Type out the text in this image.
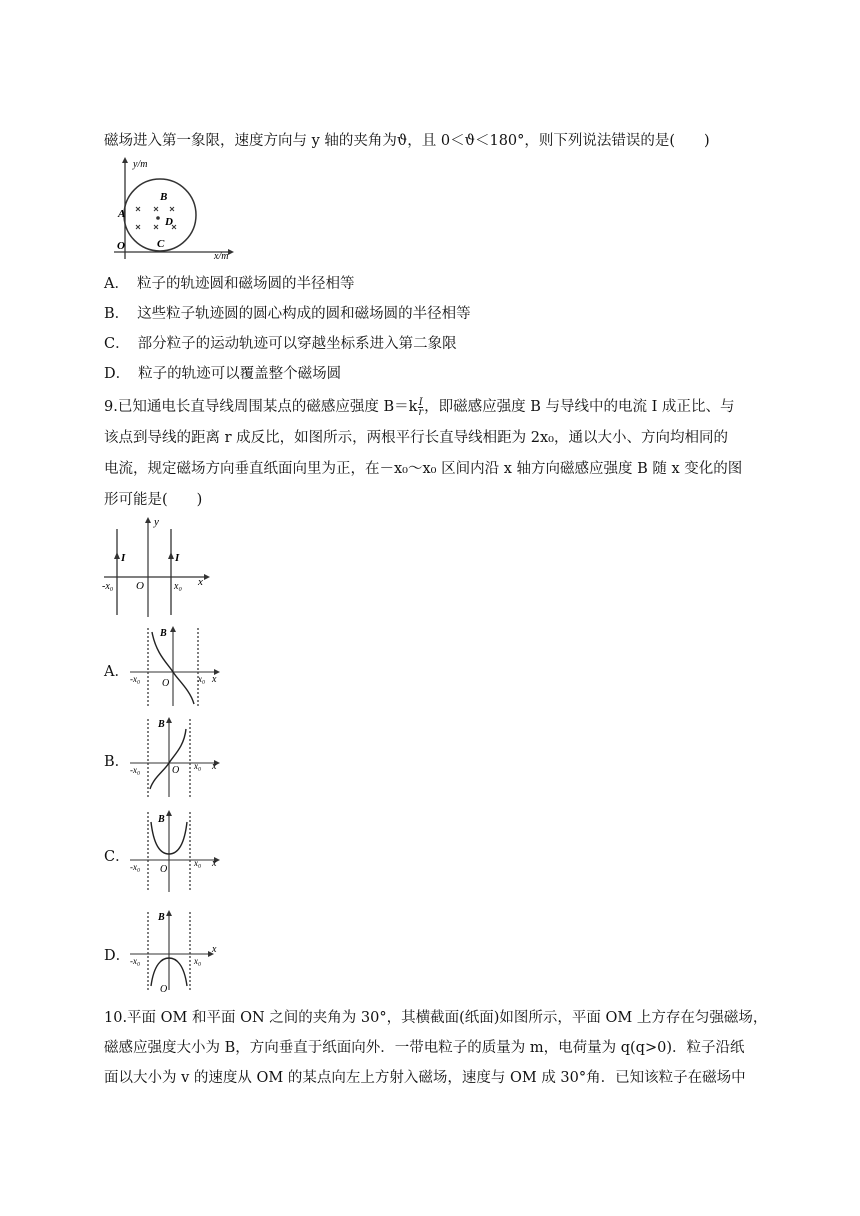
磁场进入第一象限，速度方向与 y 轴的夹角为ϑ，且 0＜ϑ＜180°，则下列说法错误的是(　　)
y/m
x/m
A
B
C
D
O
A． 粒子的轨迹圆和磁场圆的半径相等
B． 这些粒子轨迹圆的圆心构成的圆和磁场圆的半径相等
C． 部分粒子的运动轨迹可以穿越坐标系进入第二象限
D． 粒子的轨迹可以覆盖整个磁场圆
9.已知通电长直导线周围某点的磁感应强度 $B=k \frac{I}{r}$ ，即磁感应强度 B 与导线中的电流 I 成正比、与
该点到导线的距离 r 成反比，如图所示，两根平行长直导线相距为 2x₀，通以大小、方向均相同的
电流，规定磁场方向垂直纸面向里为正，在－x₀～x₀ 区间内沿 x 轴方向磁感应强度 B 随 x 变化的图
形可能是(　　)
y
x
I	I
-x₀	x₀
O
A．
B
O
-x₀	x₀ x
B．
B
O
-x₀	x₀ x
C．
B
O
-x₀	x₀ x
D．
B
O
-x₀	x₀
x
10.平面 OM 和平面 ON 之间的夹角为 30°，其横截面(纸面)如图所示，平面 OM 上方存在匀强磁场，
磁感应强度大小为 B，方向垂直于纸面向外．一带电粒子的质量为 m，电荷量为 q(q>0)．粒子沿纸
面以大小为 v 的速度从 OM 的某点向左上方射入磁场，速度与 OM 成 30°角．已知该粒子在磁场中
